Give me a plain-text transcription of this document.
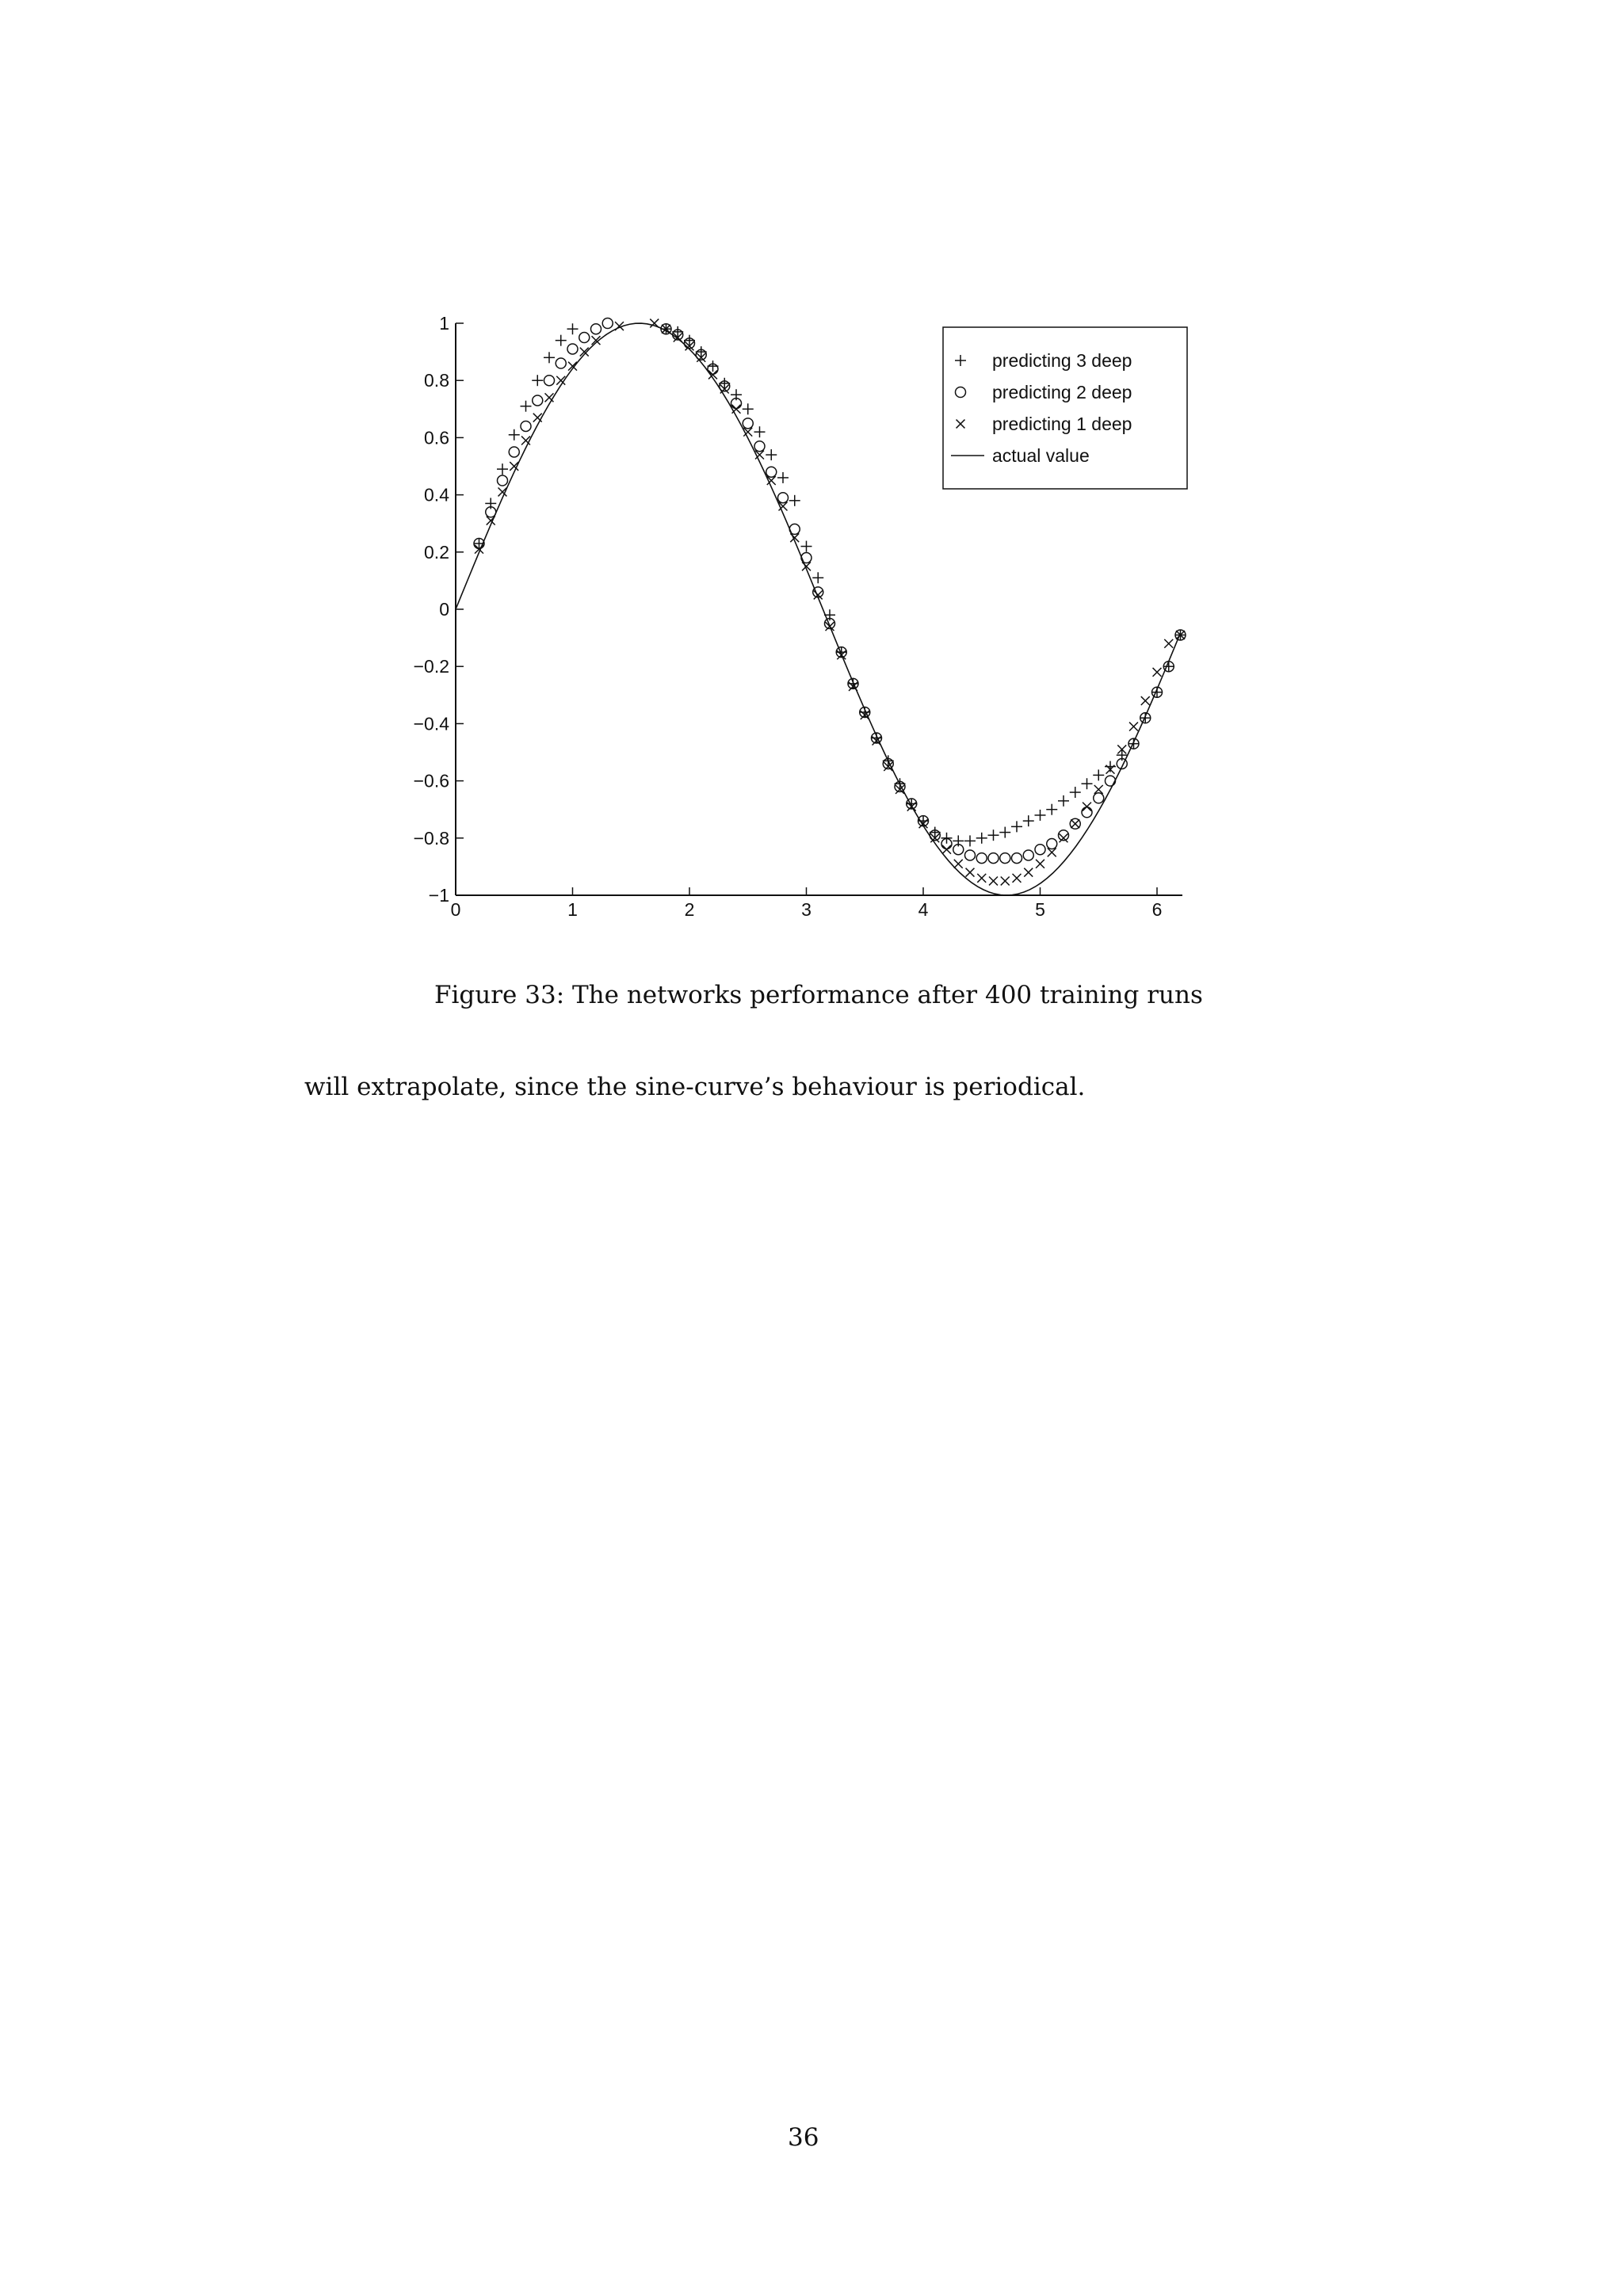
1
0.8
0.6
0.4
0.2
0
−0.2
−0.4
−0.6
−0.8
−1
0	1	2	3	4	5	6
predicting 3 deep
predicting 2 deep
predicting 1 deep
actual value

Figure 33: The networks performance after 400 training runs

will extrapolate, since the sine-curve’s behaviour is periodical.

36
